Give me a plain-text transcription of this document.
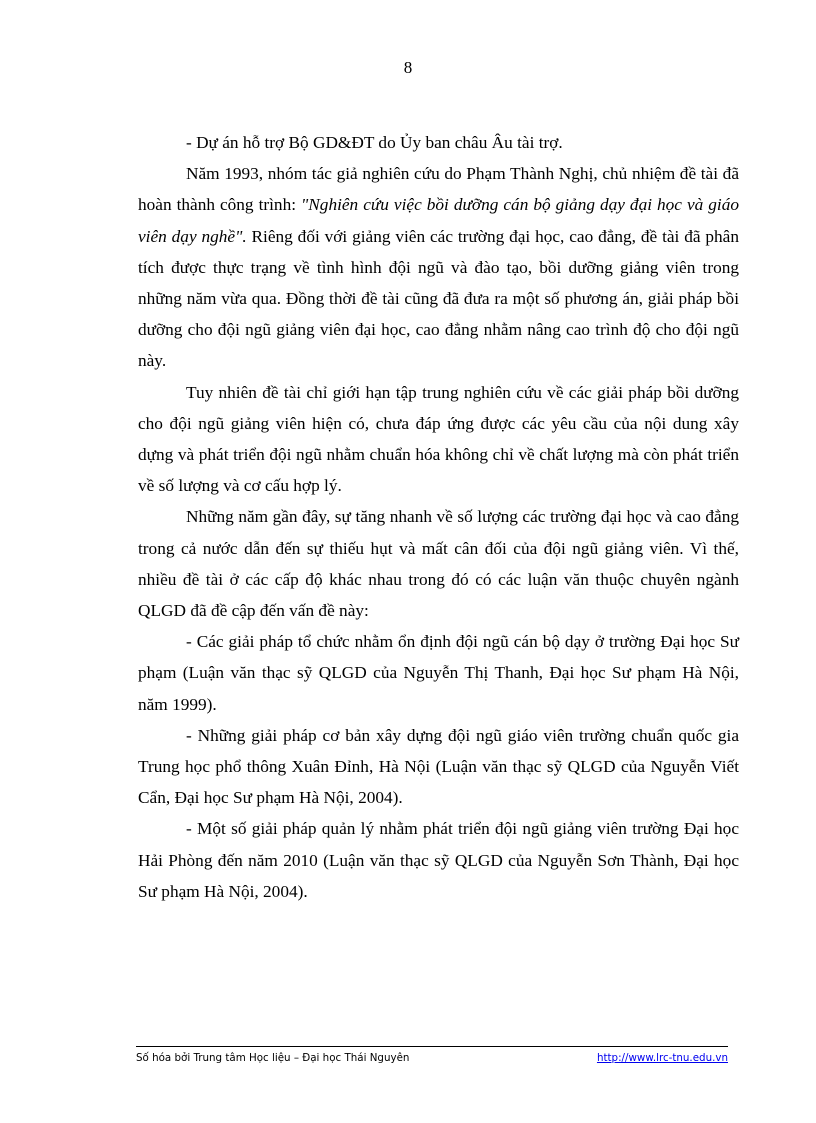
8

- Dự án hỗ trợ Bộ GD&ĐT do Ủy ban châu Âu tài trợ.

Năm 1993, nhóm tác giả nghiên cứu do Phạm Thành Nghị, chủ nhiệm đề tài đã hoàn thành công trình: "Nghiên cứu việc bồi dưỡng cán bộ giảng dạy đại học và giáo viên dạy nghề". Riêng đối với giảng viên các trường đại học, cao đẳng, đề tài đã phân tích được thực trạng về tình hình đội ngũ và đào tạo, bồi dưỡng giảng viên trong những năm vừa qua. Đồng thời đề tài cũng đã đưa ra một số phương án, giải pháp bồi dưỡng cho đội ngũ giảng viên đại học, cao đẳng nhằm nâng cao trình độ cho đội ngũ này.

Tuy nhiên đề tài chỉ giới hạn tập trung nghiên cứu về các giải pháp bồi dưỡng cho đội ngũ giảng viên hiện có, chưa đáp ứng được các yêu cầu của nội dung xây dựng và phát triển đội ngũ nhằm chuẩn hóa không chỉ về chất lượng mà còn phát triển về số lượng và cơ cấu hợp lý.

Những năm gần đây, sự tăng nhanh về số lượng các trường đại học và cao đẳng trong cả nước dẫn đến sự thiếu hụt và mất cân đối của đội ngũ giảng viên. Vì thế, nhiều đề tài ở các cấp độ khác nhau trong đó có các luận văn thuộc chuyên ngành QLGD đã đề cập đến vấn đề này:

- Các giải pháp tổ chức nhằm ổn định đội ngũ cán bộ dạy ở trường Đại học Sư phạm (Luận văn thạc sỹ QLGD của Nguyễn Thị Thanh, Đại học Sư phạm Hà Nội, năm 1999).

- Những giải pháp cơ bản xây dựng đội ngũ giáo viên trường chuẩn quốc gia Trung học phổ thông Xuân Đỉnh, Hà Nội (Luận văn thạc sỹ QLGD của Nguyễn Viết Cẩn, Đại học Sư phạm Hà Nội, 2004).

- Một số giải pháp quản lý nhằm phát triển đội ngũ giảng viên trường Đại học Hải Phòng đến năm 2010 (Luận văn thạc sỹ QLGD của Nguyễn Sơn Thành, Đại học Sư phạm Hà Nội, 2004).

Số hóa bởi Trung tâm Học liệu – Đại học Thái Nguyên	http://www.lrc-tnu.edu.vn
